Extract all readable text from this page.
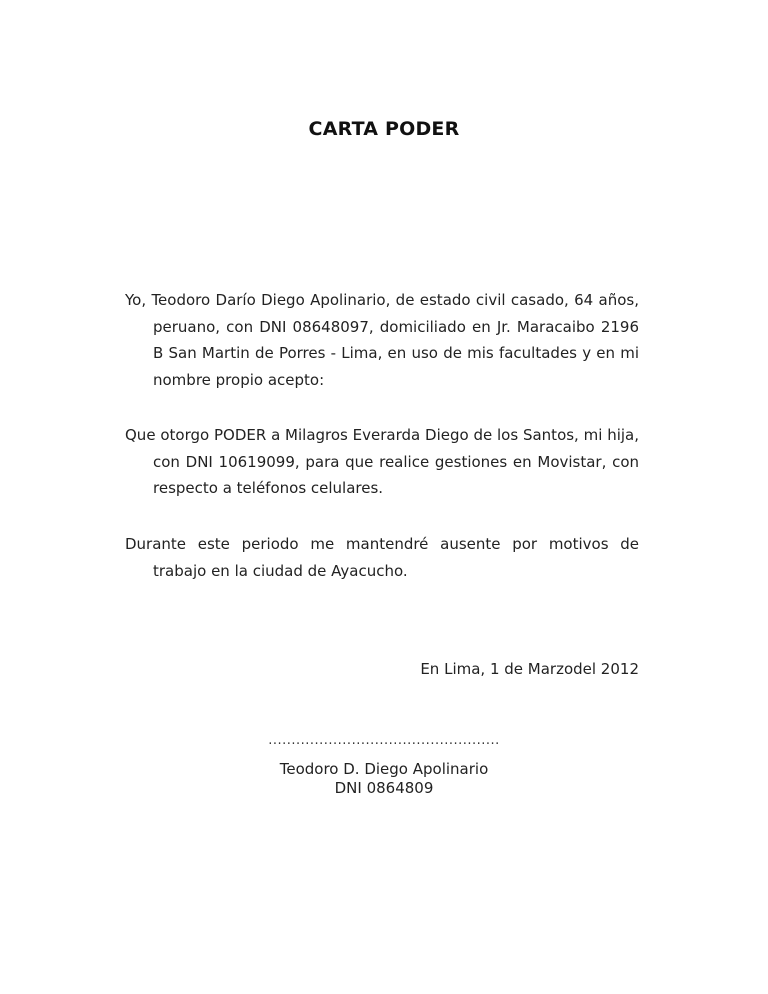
CARTA PODER
Yo, Teodoro Darío Diego Apolinario, de estado civil casado, 64 años, peruano, con DNI 08648097, domiciliado en Jr. Maracaibo 2196 B San Martin de Porres - Lima, en uso de mis facultades y en mi nombre propio acepto:
Que otorgo PODER a Milagros Everarda Diego de los Santos, mi hija, con DNI 10619099, para que realice gestiones en Movistar, con respecto a teléfonos celulares.
Durante este periodo me mantendré ausente por motivos de trabajo en la ciudad de Ayacucho.
En Lima, 1 de Marzodel 2012
..................................................
Teodoro D. Diego Apolinario
DNI 0864809
